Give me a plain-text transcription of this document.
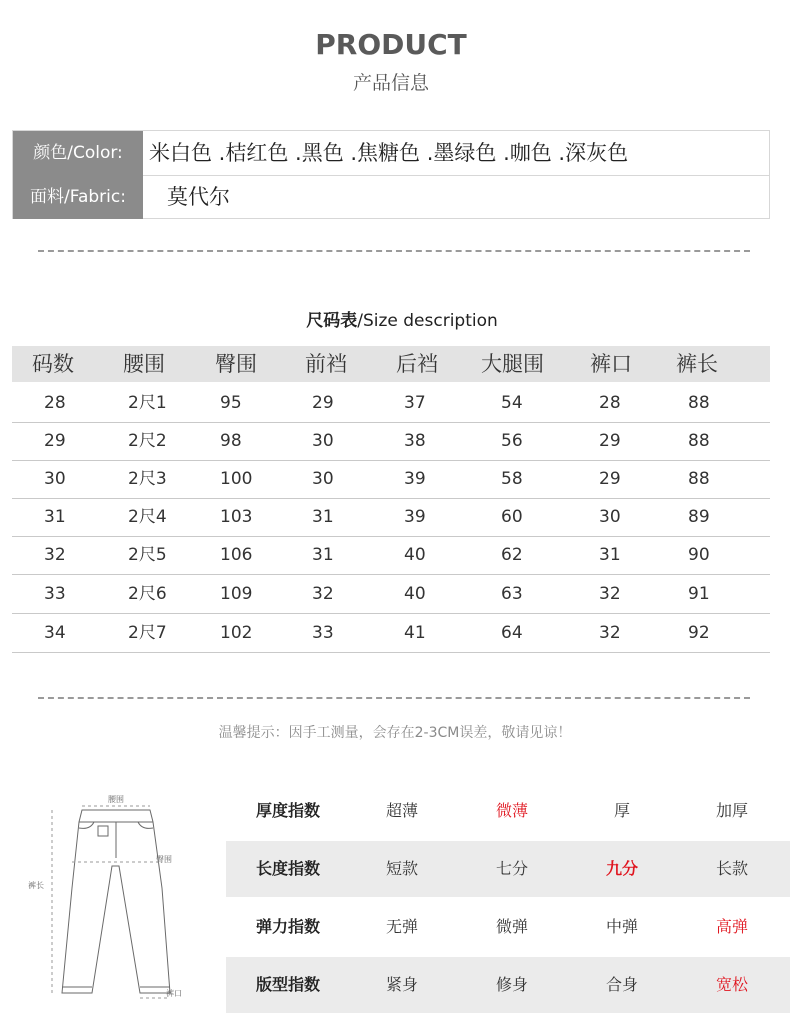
PRODUCT
产品信息
颜色/Color:	米白色 .桔红色 .黑色 .焦糖色 .墨绿色 .咖色 .深灰色
面料/Fabric:	莫代尔
尺码表/Size description
码数 腰围 臀围 前裆 后裆 大腿围 裤口 裤长
28	2尺1	95	29	37	54	28	88
29	2尺2	98	30	38	56	29	88
30	2尺3	100	30	39	58	29	88
31	2尺4	103	31	39	60	30	89
32	2尺5	106	31	40	62	31	90
33	2尺6	109	32	40	63	32	91
34	2尺7	102	33	41	64	32	92
温馨提示：因手工测量，会存在2-3CM误差，敬请见谅！
腰围
臀围
裤长
裤口
厚度指数	超薄	微薄	厚	加厚
长度指数	短款	七分	九分	长款
弹力指数	无弹	微弹	中弹	高弹
版型指数	紧身	修身	合身	宽松
